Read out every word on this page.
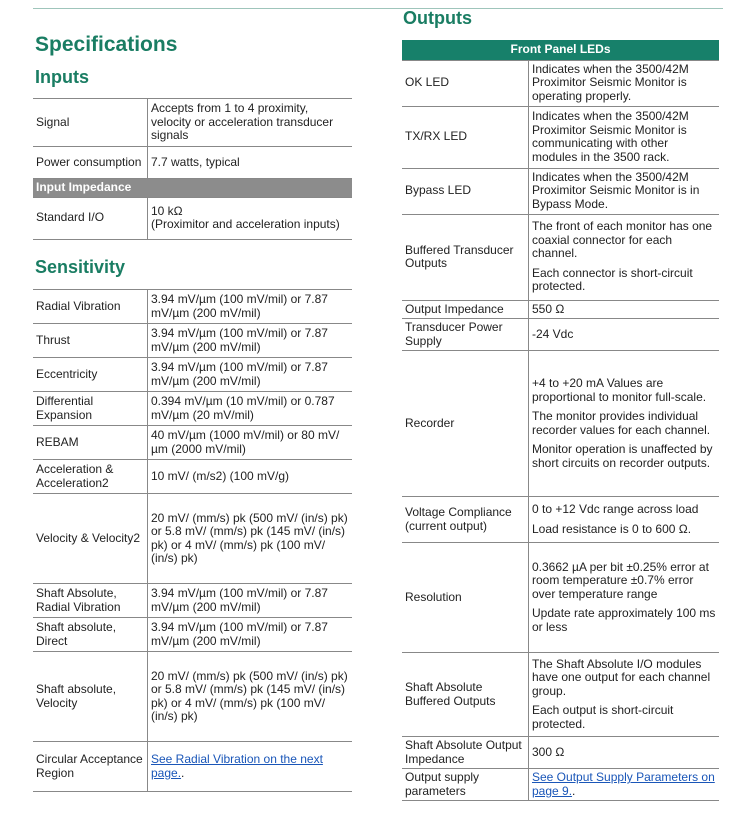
Specifications
Inputs
Signal	Accepts from 1 to 4 proximity, velocity or acceleration transducer signals
Power consumption	7.7 watts, typical
Input Impedance	
Standard I/O	10 kΩ
(Proximitor and acceleration inputs)
Sensitivity
Radial Vibration	3.94 mV/µm (100 mV/mil) or 7.87 mV/µm (200 mV/mil)
Thrust	3.94 mV/µm (100 mV/mil) or 7.87 mV/µm (200 mV/mil)
Eccentricity	3.94 mV/µm (100 mV/mil) or 7.87 mV/µm (200 mV/mil)
Differential Expansion	0.394 mV/µm (10 mV/mil) or 0.787 mV/µm (20 mV/mil)
REBAM	40 mV/µm (1000 mV/mil) or 80 mV/µm (2000 mV/mil)
Acceleration & Acceleration2	10 mV/ (m/s2) (100 mV/g)
Velocity & Velocity2	20 mV/ (mm/s) pk (500 mV/ (in/s) pk) or 5.8 mV/ (mm/s) pk (145 mV/ (in/s) pk) or 4 mV/ (mm/s) pk (100 mV/ (in/s) pk)
Shaft Absolute, Radial Vibration	3.94 mV/µm (100 mV/mil) or 7.87 mV/µm (200 mV/mil)
Shaft absolute, Direct	3.94 mV/µm (100 mV/mil) or 7.87 mV/µm (200 mV/mil)
Shaft absolute, Velocity	20 mV/ (mm/s) pk (500 mV/ (in/s) pk) or 5.8 mV/ (mm/s) pk (145 mV/ (in/s) pk) or 4 mV/ (mm/s) pk (100 mV/ (in/s) pk)
Circular Acceptance Region	See Radial Vibration on the next page..
Outputs
Front Panel LEDs	
OK LED	Indicates when the 3500/42M Proximitor Seismic Monitor is operating properly.

TX/RX LED	Indicates when the 3500/42M Proximitor Seismic Monitor is communicating with other modules in the 3500 rack.

Bypass LED	Indicates when the 3500/42M Proximitor Seismic Monitor is in Bypass Mode.

Buffered Transducer Outputs	The front of each monitor has one coaxial connector for each channel.

Each connector is short-circuit protected.

Output Impedance	550 Ω

Transducer Power Supply	-24 Vdc

Recorder	+4 to +20 mA Values are proportional to monitor full-scale.

The monitor provides individual recorder values for each channel.

Monitor operation is unaffected by short circuits on recorder outputs.

Voltage Compliance (current output)	0 to +12 Vdc range across load

Load resistance is 0 to 600 Ω.

Resolution	0.3662 µA per bit ±0.25% error at room temperature ±0.7% error over temperature range

Update rate approximately 100 ms or less

Shaft Absolute Buffered Outputs	The Shaft Absolute I/O modules have one output for each channel group.

Each output is short-circuit protected.

Shaft Absolute Output Impedance	300 Ω

Output supply parameters	See Output Supply Parameters on page 9..
